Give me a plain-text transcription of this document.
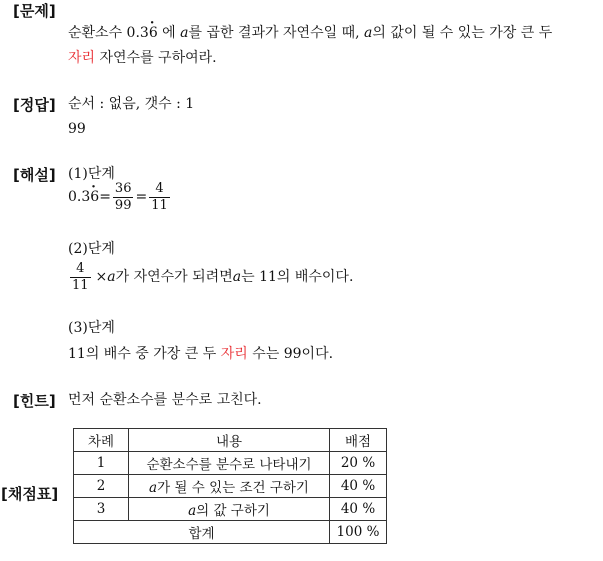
[문제]
순환소수 0.3· 6 에 a를 곱한 결과가 자연수일 때, a의 값이 될 수 있는 가장 큰 두
자리 자연수를 구하여라.
[정답] 순서 : 없음, 갯수 : 1
99
[해설] (1)단계
$0.3 \cdot 6 = \frac{36}{99} = \frac{4}{11}$
(2)단계
$\frac{4}{11} \times a$ 가 자연수가 되려면 a 는 11의 배수이다.
(3)단계
11의 배수 중 가장 큰 두 자리 수는 99이다.
[힌트] 먼저 순환소수를 분수로 고친다.
[채점표]
차례	내용	배점
1	순환소수를 분수로 나타내기	20 %
2	a가 될 수 있는 조건 구하기	40 %
3	a의 값 구하기	40 %
합계		100 %
